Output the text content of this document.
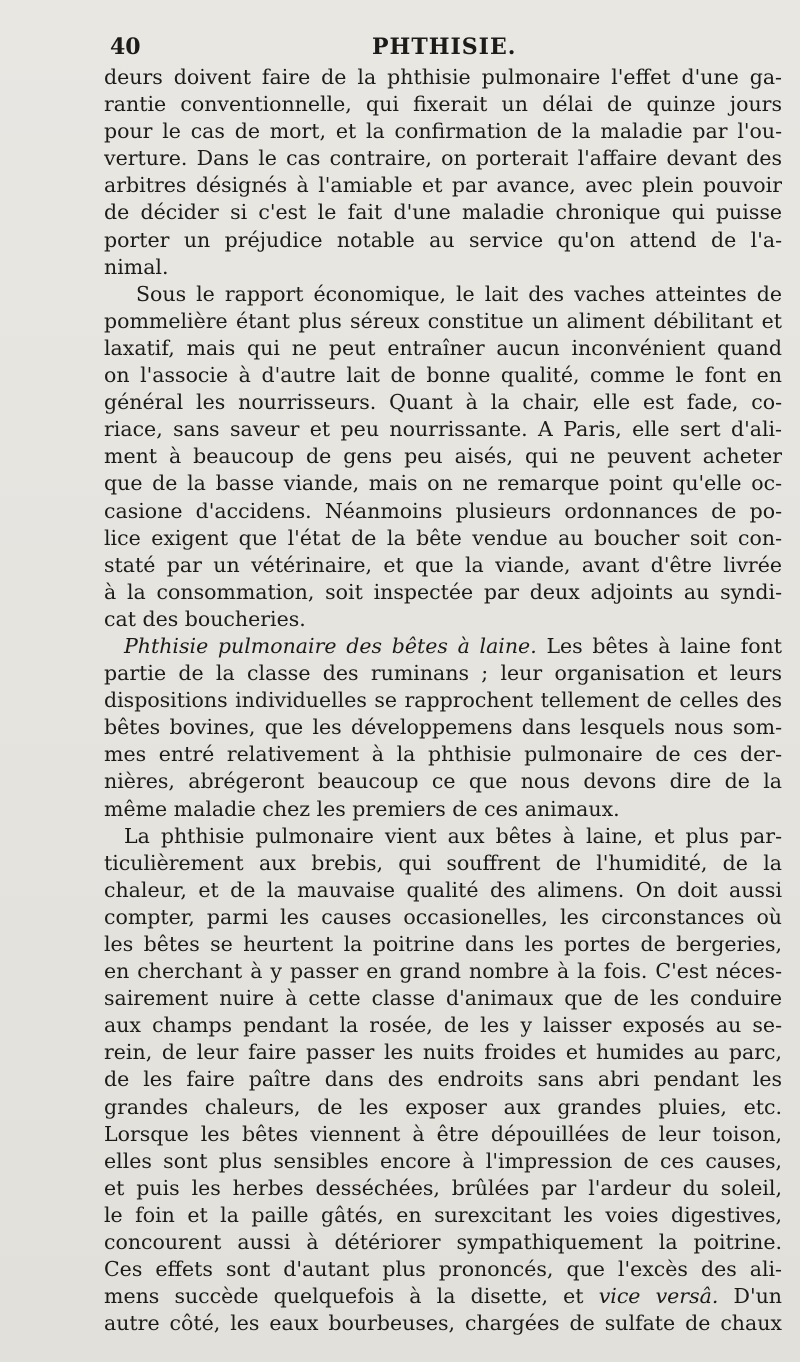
40	PHTHISIE.
deurs doivent faire de la phthisie pulmonaire l'effet d'une ga-
rantie conventionnelle, qui fixerait un délai de quinze jours
pour le cas de mort, et la confirmation de la maladie par l'ou-
verture. Dans le cas contraire, on porterait l'affaire devant des
arbitres désignés à l'amiable et par avance, avec plein pouvoir
de décider si c'est le fait d'une maladie chronique qui puisse
porter un préjudice notable au service qu'on attend de l'a-
nimal.
Sous le rapport économique, le lait des vaches atteintes de
pommelière étant plus séreux constitue un aliment débilitant et
laxatif, mais qui ne peut entraîner aucun inconvénient quand
on l'associe à d'autre lait de bonne qualité, comme le font en
général les nourrisseurs. Quant à la chair, elle est fade, co-
riace, sans saveur et peu nourrissante. A Paris, elle sert d'ali-
ment à beaucoup de gens peu aisés, qui ne peuvent acheter
que de la basse viande, mais on ne remarque point qu'elle oc-
casione d'accidens. Néanmoins plusieurs ordonnances de po-
lice exigent que l'état de la bête vendue au boucher soit con-
staté par un vétérinaire, et que la viande, avant d'être livrée
à la consommation, soit inspectée par deux adjoints au syndi-
cat des boucheries.
Phthisie pulmonaire des bêtes à laine. Les bêtes à laine font
partie de la classe des ruminans ; leur organisation et leurs
dispositions individuelles se rapprochent tellement de celles des
bêtes bovines, que les développemens dans lesquels nous som-
mes entré relativement à la phthisie pulmonaire de ces der-
nières, abrégeront beaucoup ce que nous devons dire de la
même maladie chez les premiers de ces animaux.
La phthisie pulmonaire vient aux bêtes à laine, et plus par-
ticulièrement aux brebis, qui souffrent de l'humidité, de la
chaleur, et de la mauvaise qualité des alimens. On doit aussi
compter, parmi les causes occasionelles, les circonstances où
les bêtes se heurtent la poitrine dans les portes de bergeries,
en cherchant à y passer en grand nombre à la fois. C'est néces-
sairement nuire à cette classe d'animaux que de les conduire
aux champs pendant la rosée, de les y laisser exposés au se-
rein, de leur faire passer les nuits froides et humides au parc,
de les faire paître dans des endroits sans abri pendant les
grandes chaleurs, de les exposer aux grandes pluies, etc.
Lorsque les bêtes viennent à être dépouillées de leur toison,
elles sont plus sensibles encore à l'impression de ces causes,
et puis les herbes desséchées, brûlées par l'ardeur du soleil,
le foin et la paille gâtés, en surexcitant les voies digestives,
concourent aussi à détériorer sympathiquement la poitrine.
Ces effets sont d'autant plus prononcés, que l'excès des ali-
mens succède quelquefois à la disette, et vice versâ. D'un
autre côté, les eaux bourbeuses, chargées de sulfate de chaux
